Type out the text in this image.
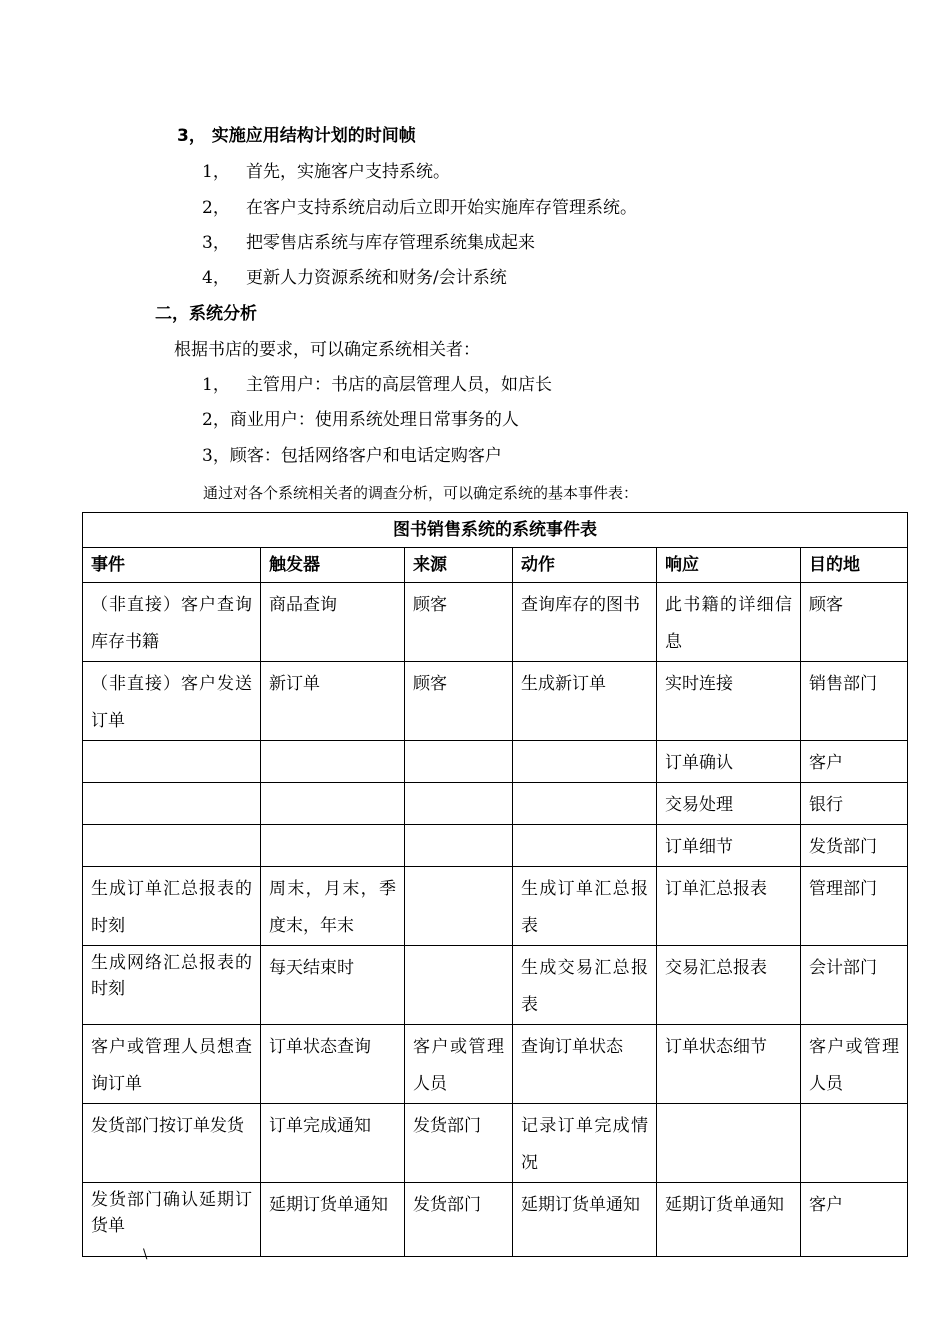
3， 实施应用结构计划的时间帧
1， 首先，实施客户支持系统。
2， 在客户支持系统启动后立即开始实施库存管理系统。
3， 把零售店系统与库存管理系统集成起来
4， 更新人力资源系统和财务/会计系统
二，系统分析
根据书店的要求，可以确定系统相关者：
1， 主管用户：书店的高层管理人员，如店长
2，商业用户：使用系统处理日常事务的人
3，顾客：包括网络客户和电话定购客户
通过对各个系统相关者的调查分析，可以确定系统的基本事件表：
图书销售系统的系统事件表					
事件	触发器	来源	动作	响应	目的地
（非直接）客户查询库存书籍	商品查询	顾客	查询库存的图书	此书籍的详细信息	顾客
（非直接）客户发送订单	新订单	顾客	生成新订单	实时连接	销售部门
				订单确认	客户
				交易处理	银行
				订单细节	发货部门
生成订单汇总报表的时刻	周末，月末，季度末，年末		生成订单汇总报表	订单汇总报表	管理部门
生成网络汇总报表的时刻	每天结束时		生成交易汇总报表	交易汇总报表	会计部门
客户或管理人员想查询订单	订单状态查询	客户或管理人员	查询订单状态	订单状态细节	客户或管理人员
发货部门按订单发货	订单完成通知	发货部门	记录订单完成情况		
发货部门确认延期订货单	延期订货单通知	发货部门	延期订货单通知	延期订货单通知	客户
\
